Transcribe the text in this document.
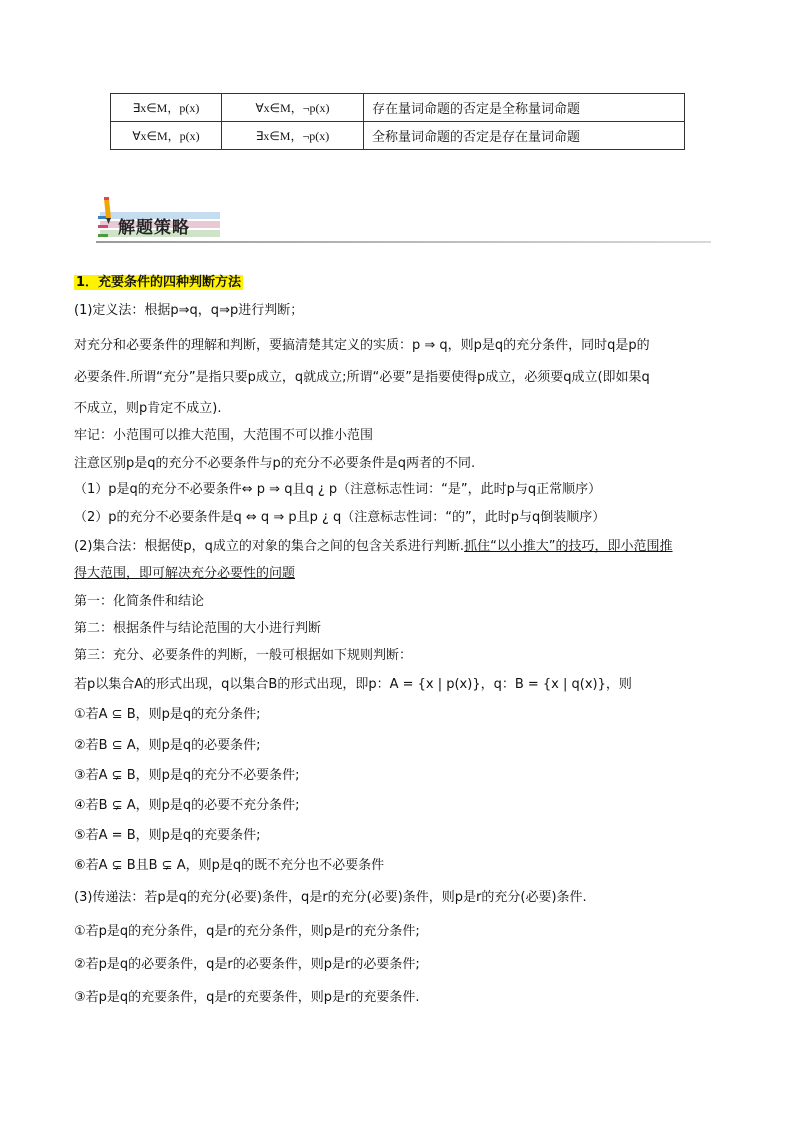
∃x∈M，p(x)	∀x∈M，¬p(x)	存在量词命题的否定是全称量词命题
∀x∈M，p(x)	∃x∈M，¬p(x)	全称量词命题的否定是存在量词命题
解题策略
1．充要条件的四种判断方法
(1)定义法：根据p⇒q，q⇒p进行判断；
对充分和必要条件的理解和判断，要搞清楚其定义的实质：p ⇒ q，则p是q的充分条件，同时q是p的
必要条件.所谓“充分”是指只要p成立，q就成立;所谓“必要”是指要使得p成立，必须要q成立(即如果q
不成立，则p肯定不成立).
牢记：小范围可以推大范围，大范围不可以推小范围
注意区别p是q的充分不必要条件与p的充分不必要条件是q两者的不同.
（1）p是q的充分不必要条件⇔ p ⇒ q且q ¿ p（注意标志性词：“是”，此时p与q正常顺序）
（2）p的充分不必要条件是q ⇔ q ⇒ p且p ¿ q（注意标志性词：“的”，此时p与q倒装顺序）
(2)集合法：根据使p，q成立的对象的集合之间的包含关系进行判断.抓住“以小推大”的技巧，即小范围推
得大范围，即可解决充分必要性的问题
第一：化简条件和结论
第二：根据条件与结论范围的大小进行判断
第三：充分、必要条件的判断，一般可根据如下规则判断：
若p以集合A的形式出现，q以集合B的形式出现，即p：A = {x | p(x)}，q：B = {x | q(x)}，则
①若A ⊆ B，则p是q的充分条件;
②若B ⊆ A，则p是q的必要条件;
③若A ⊊ B，则p是q的充分不必要条件;
④若B ⊊ A，则p是q的必要不充分条件;
⑤若A = B，则p是q的充要条件;
⑥若A ⊊ B且B ⊊ A，则p是q的既不充分也不必要条件
(3)传递法：若p是q的充分(必要)条件，q是r的充分(必要)条件，则p是r的充分(必要)条件.
①若p是q的充分条件，q是r的充分条件，则p是r的充分条件;
②若p是q的必要条件，q是r的必要条件，则p是r的必要条件;
③若p是q的充要条件，q是r的充要条件，则p是r的充要条件.
